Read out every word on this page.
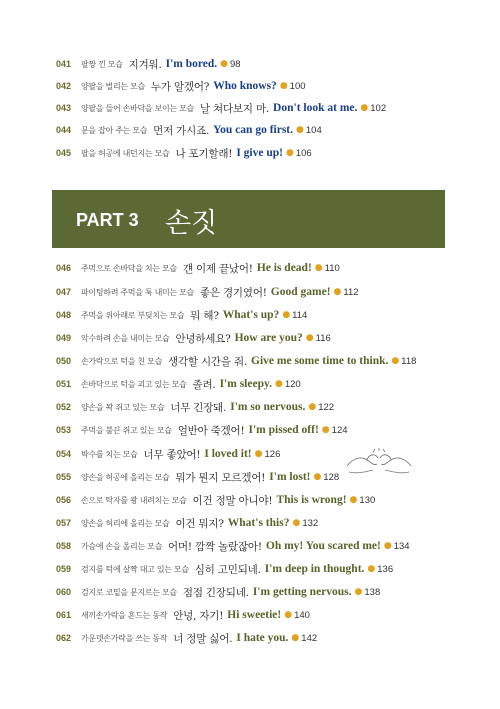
041	팔짱 낀 모습 지겨워. I'm bored. ● 98
042	양팔을 벌리는 모습 누가 알겠어? Who knows? ● 100
043	양팔을 들어 손바닥을 보이는 모습 날 쳐다보지 마. Don't look at me. ● 102
044	문을 잡아 주는 모습 먼저 가시죠. You can go first. ● 104
045	팔을 허공에 내던지는 모습 나 포기할래! I give up! ● 106
PART 3 손짓
046	주먹으로 손바닥을 치는 모습 걘 이제 끝났어! He is dead! ● 110
047	파이팅하려 주먹을 툭 내미는 모습 좋은 경기였어! Good game! ● 112
048	주먹을 위아래로 부딪치는 모습 뭐 해? What's up? ● 114
049	악수하려 손을 내미는 모습 안녕하세요? How are you? ● 116
050	손가락으로 턱을 친 모습 생각할 시간을 줘. Give me some time to think. ● 118
051	손바닥으로 턱을 괴고 있는 모습 졸려. I'm sleepy. ● 120
052	양손을 꽉 쥐고 있는 모습 너무 긴장돼. I'm so nervous. ● 122
053	주먹을 불끈 쥐고 있는 모습 얼반아 죽겠어! I'm pissed off! ● 124
054	박수를 치는 모습 너무 좋았어! I loved it! ● 126
055	양손을 허공에 올리는 모습 뭐가 뭔지 모르겠어! I'm lost! ● 128
056	손으로 탁자를 쾅 내려치는 모습 이건 정말 아니야! This is wrong! ● 130
057	양손을 허리에 올리는 모습 이건 뭐지? What's this? ● 132
058	가슴에 손을 올리는 모습 어머! 깜짝 놀랐잖아! Oh my! You scared me! ● 134
059	검지를 턱에 살짝 대고 있는 모습 심히 고민되네. I'm deep in thought. ● 136
060	검지로 코밑을 문지르는 모습 점점 긴장되네. I'm getting nervous. ● 138
061	새끼손가락을 흔드는 동작 안녕, 자기! Hi sweetie! ● 140
062	가운뎃손가락을 쓰는 동작 너 정말 싫어. I hate you. ● 142
